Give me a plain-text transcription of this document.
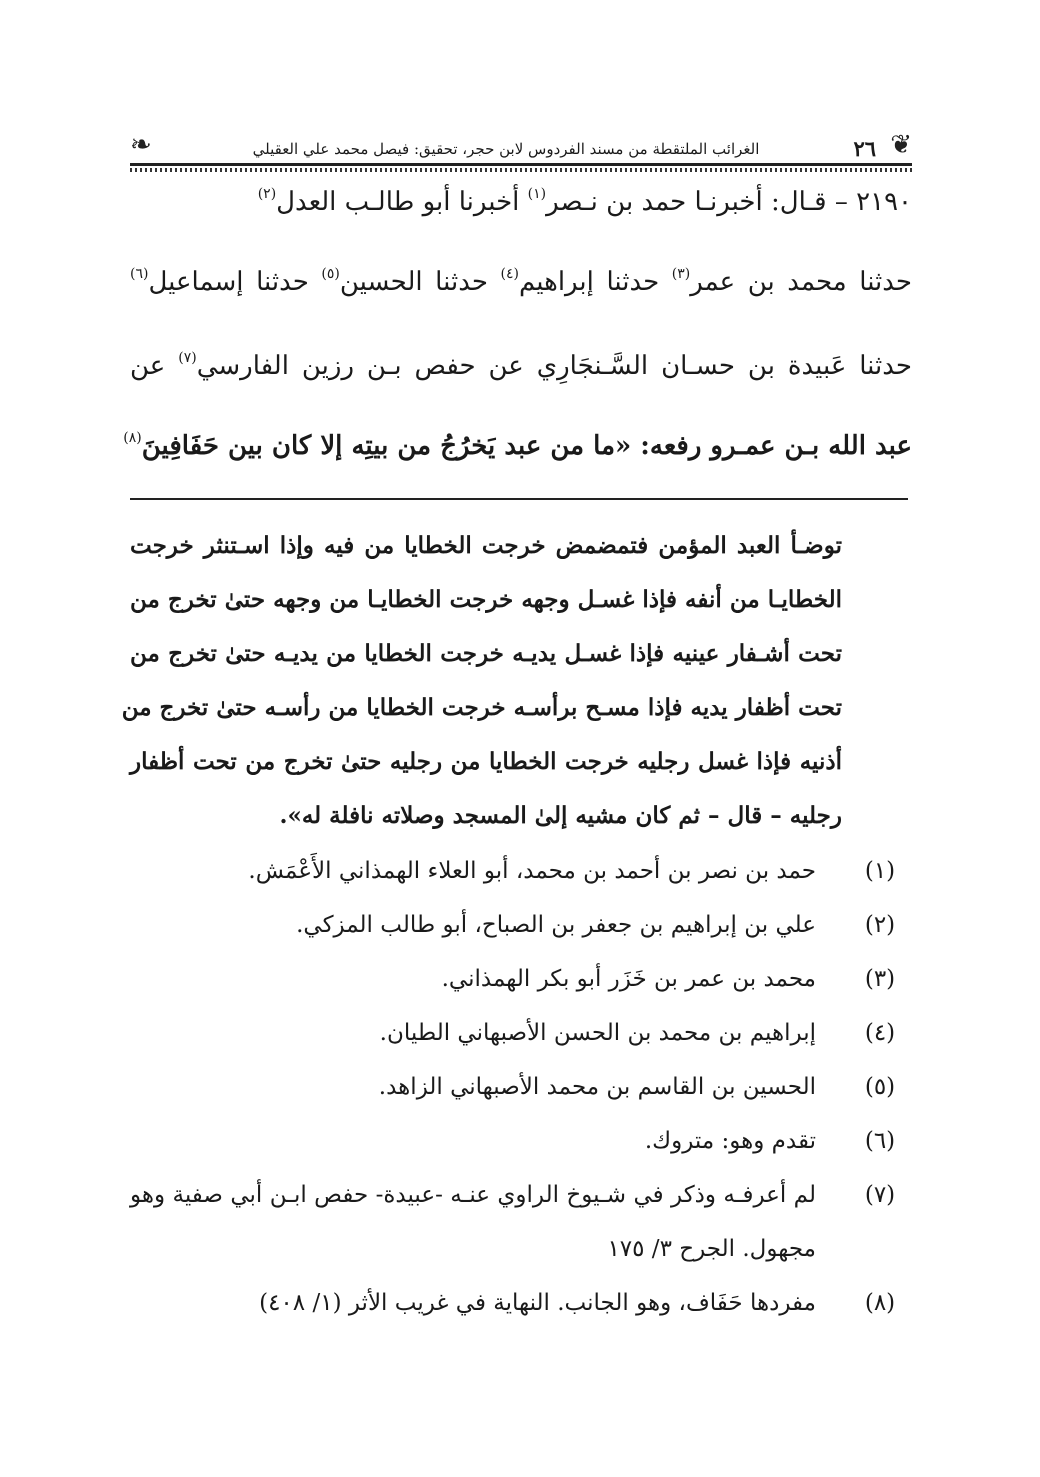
❦
٢٦
الغرائب الملتقطة من مسند الفردوس لابن حجر، تحقيق: فيصل محمد علي العقيلي
❧
٢١٩٠ – قـال: أخبرنـا حمد بن نـصر$^{(١)}$ أخبرنا أبو طالـب العدل$^{(٢)}$
حدثنا محمد بن عمر$^{(٣)}$ حدثنا إبراهيم$^{(٤)}$ حدثنا الحسين$^{(٥)}$ حدثنا إسماعيل$^{(٦)}$
حدثنا عَبيدة بن حسـان السَّـنجَارِي عن حفص بـن رزين الفارسي$^{(٧)}$ عن
عبد الله بـن عمـرو رفعه: «ما من عبد يَخرُجُ من بيتِه إلا كان بين حَفَافِينَ$^{(٨)}$
توضـأ العبد المؤمن فتمضمض خرجت الخطايا من فيه وإذا اسـتنثر خرجت
الخطايـا من أنفه فإذا غسـل وجهه خرجت الخطايـا من وجهه حتىٰ تخرج من
تحت أشـفار عينيه فإذا غسـل يديـه خرجت الخطايا من يديـه حتىٰ تخرج من
تحت أظفار يديه فإذا مسـح برأسـه خرجت الخطايا من رأسـه حتىٰ تخرج من
أذنيه فإذا غسل رجليه خرجت الخطايا من رجليه حتىٰ تخرج من تحت أظفار
رجليه – قال – ثم كان مشيه إلىٰ المسجد وصلاته نافلة له».
(١)
حمد بن نصر بن أحمد بن محمد، أبو العلاء الهمذاني الأَعْمَش.
(٢)
علي بن إبراهيم بن جعفر بن الصباح، أبو طالب المزكي.
(٣)
محمد بن عمر بن خَزَر أبو بكر الهمذاني.
(٤)
إبراهيم بن محمد بن الحسن الأصبهاني الطيان.
(٥)
الحسين بن القاسم بن محمد الأصبهاني الزاهد.
(٦)
تقدم وهو: متروك.
(٧)
لم أعرفـه وذكر في شـيوخ الراوي عنـه -عبيدة- حفص ابـن أبي صفية وهو
مجهول. الجرح ٣/ ١٧٥
(٨)
مفردها حَفَاف، وهو الجانب. النهاية في غريب الأثر (١/ ٤٠٨)
